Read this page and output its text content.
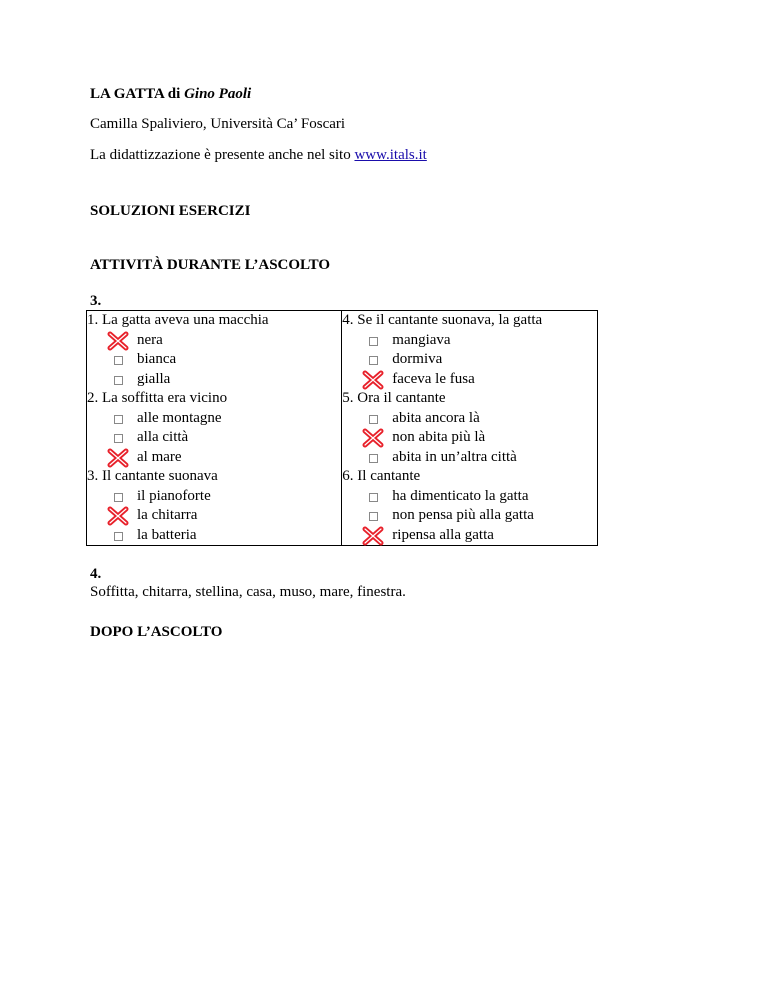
LA GATTA di Gino Paoli
Camilla Spaliviero, Università Ca’ Foscari
La didattizzazione è presente anche nel sito www.itals.it
SOLUZIONI ESERCIZI
ATTIVITÀ DURANTE L’ASCOLTO
3.
1. La gatta aveva una macchia
nera
bianca
gialla
2. La soffitta era vicino
alle montagne
alla città
al mare
3. Il cantante suonava
il pianoforte
la chitarra
la batteria

4. Se il cantante suonava, la gatta
mangiava
dormiva
faceva le fusa
5. Ora il cantante
abita ancora là
non abita più là
abita in un’altra città
6. Il cantante
ha dimenticato la gatta
non pensa più alla gatta
ripensa alla gatta
4.
Soffitta, chitarra, stellina, casa, muso, mare, finestra.
DOPO L’ASCOLTO
